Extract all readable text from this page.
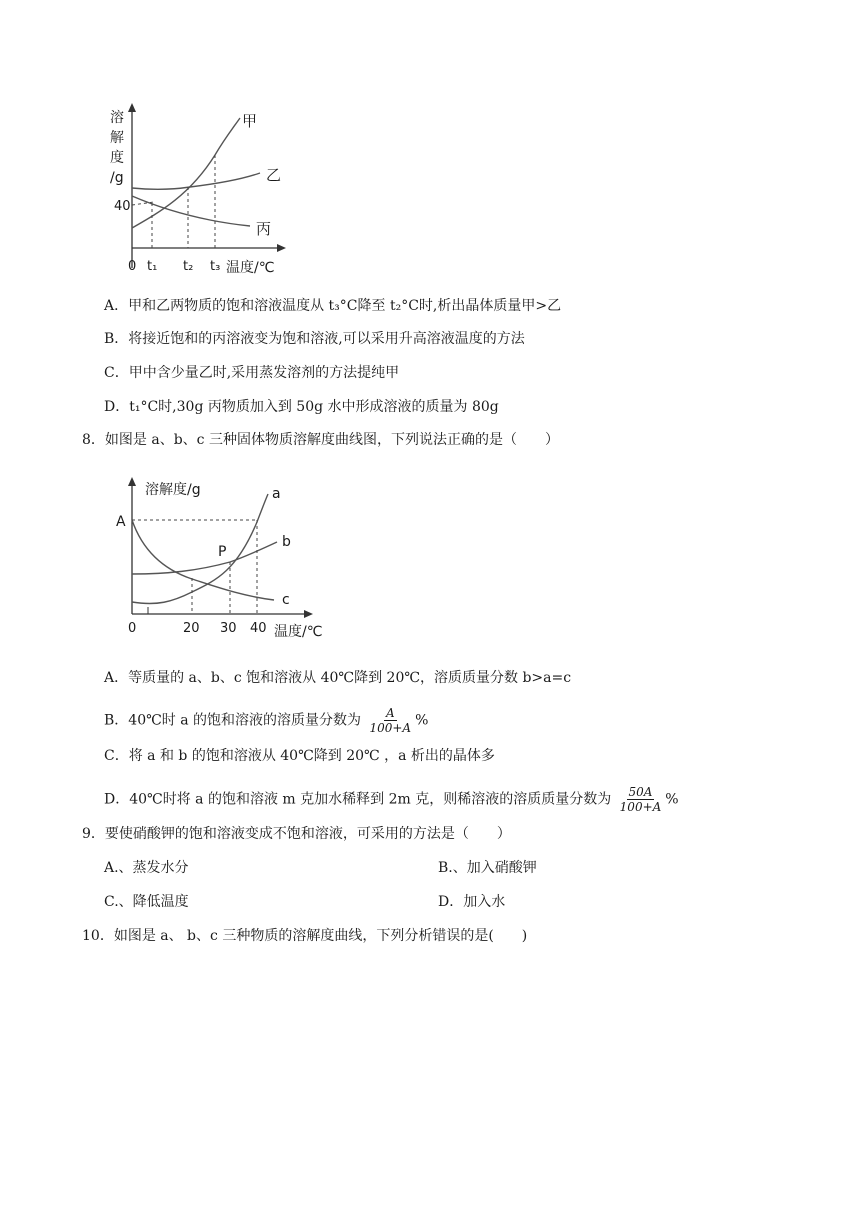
溶
解
度
/g
40
0 t₁ t₂ t₃ 温度/℃
甲
乙
丙
A．甲和乙两物质的饱和溶液温度从 t₃°C降至 t₂°C时,析出晶体质量甲>乙
B．将接近饱和的丙溶液变为饱和溶液,可以采用升高溶液温度的方法
C．甲中含少量乙时,采用蒸发溶剂的方法提纯甲
D．t₁°C时,30g 丙物质加入到 50g 水中形成溶液的质量为 80g
8．如图是 a、b、c 三种固体物质溶解度曲线图，下列说法正确的是（　　）
溶解度/g
A
P
a
b
c
0	20 30 40 温度/℃
A．等质量的 a、b、c 饱和溶液从 40℃降到 20℃，溶质质量分数 b>a=c
B．40℃时 a 的饱和溶液的溶质量分数为 $\frac{A}{100+A}$ %
C．将 a 和 b 的饱和溶液从 40℃降到 20℃ ，a 析出的晶体多
D．40℃时将 a 的饱和溶液 m 克加水稀释到 2m 克，则稀溶液的溶质质量分数为 $\frac{50A}{100+A}$ %
9．要使硝酸钾的饱和溶液变成不饱和溶液，可采用的方法是（　　）
A.、蒸发水分	B.、加入硝酸钾
C.、降低温度	D．加入水
10．如图是 a、 b、c 三种物质的溶解度曲线，下列分析错误的是(　　)
